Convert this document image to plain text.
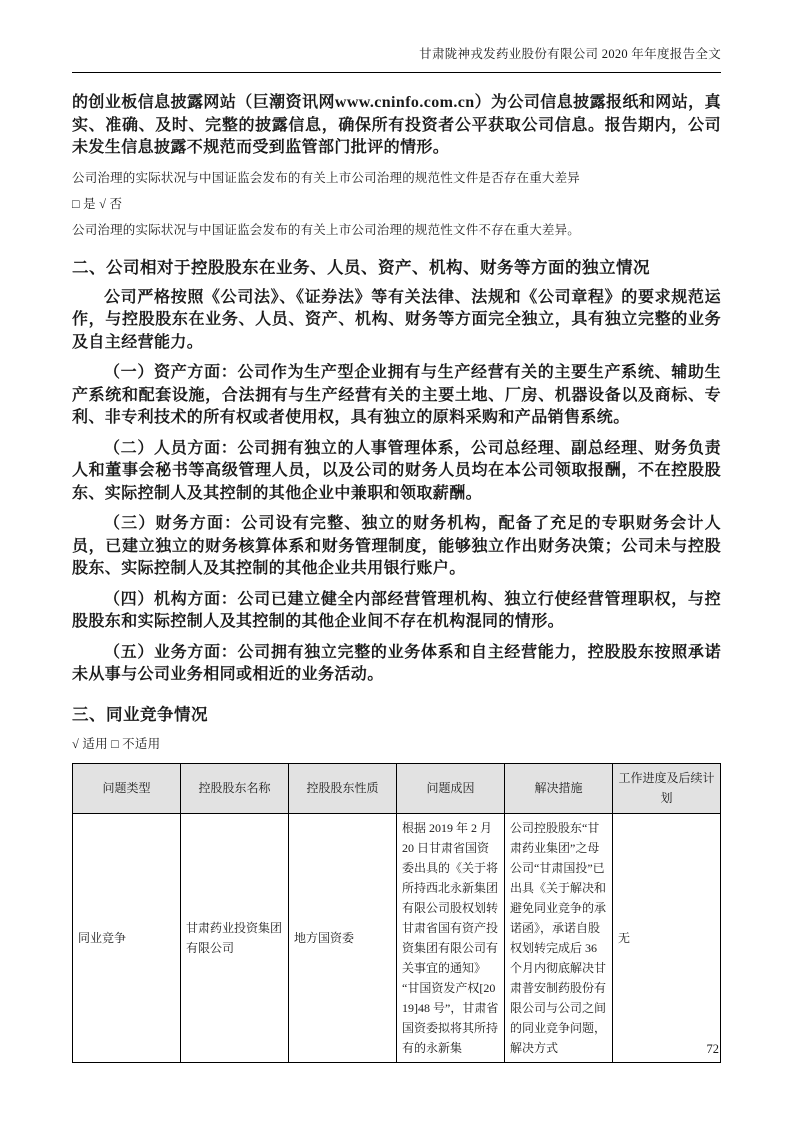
甘肃陇神戎发药业股份有限公司 2020 年年度报告全文

的创业板信息披露网站（巨潮资讯网www.cninfo.com.cn）为公司信息披露报纸和网站，真实、准确、及时、完整的披露信息，确保所有投资者公平获取公司信息。报告期内，公司未发生信息披露不规范而受到监管部门批评的情形。

公司治理的实际状况与中国证监会发布的有关上市公司治理的规范性文件是否存在重大差异

□ 是 √ 否

公司治理的实际状况与中国证监会发布的有关上市公司治理的规范性文件不存在重大差异。

二、公司相对于控股股东在业务、人员、资产、机构、财务等方面的独立情况

公司严格按照《公司法》、《证券法》等有关法律、法规和《公司章程》的要求规范运作，与控股股东在业务、人员、资产、机构、财务等方面完全独立，具有独立完整的业务及自主经营能力。

（一）资产方面：公司作为生产型企业拥有与生产经营有关的主要生产系统、辅助生产系统和配套设施，合法拥有与生产经营有关的主要土地、厂房、机器设备以及商标、专利、非专利技术的所有权或者使用权，具有独立的原料采购和产品销售系统。

（二）人员方面：公司拥有独立的人事管理体系，公司总经理、副总经理、财务负责人和董事会秘书等高级管理人员，以及公司的财务人员均在本公司领取报酬，不在控股股东、实际控制人及其控制的其他企业中兼职和领取薪酬。

（三）财务方面：公司设有完整、独立的财务机构，配备了充足的专职财务会计人员，已建立独立的财务核算体系和财务管理制度，能够独立作出财务决策；公司未与控股股东、实际控制人及其控制的其他企业共用银行账户。

（四）机构方面：公司已建立健全内部经营管理机构、独立行使经营管理职权，与控股股东和实际控制人及其控制的其他企业间不存在机构混同的情形。

（五）业务方面：公司拥有独立完整的业务体系和自主经营能力，控股股东按照承诺未从事与公司业务相同或相近的业务活动。

三、同业竞争情况

√ 适用 □ 不适用

问题类型	控股股东名称	控股股东性质	问题成因	解决措施	工作进度及后续计划
同业竞争	甘肃药业投资集团有限公司	地方国资委	根据 2019 年 2 月 20 日甘肃省国资委出具的《关于将所持西北永新集团有限公司股权划转甘肃省国有资产投资集团有限公司有关事宜的通知》“甘国资发产权[2019]48 号”，甘肃省国资委拟将其所持有的永新集	公司控股股东“甘肃药业集团”之母公司“甘肃国投”已出具《关于解决和避免同业竞争的承诺函》，承诺自股权划转完成后 36 个月内彻底解决甘肃普安制药股份有限公司与公司之间的同业竞争问题，解决方式	无
72
